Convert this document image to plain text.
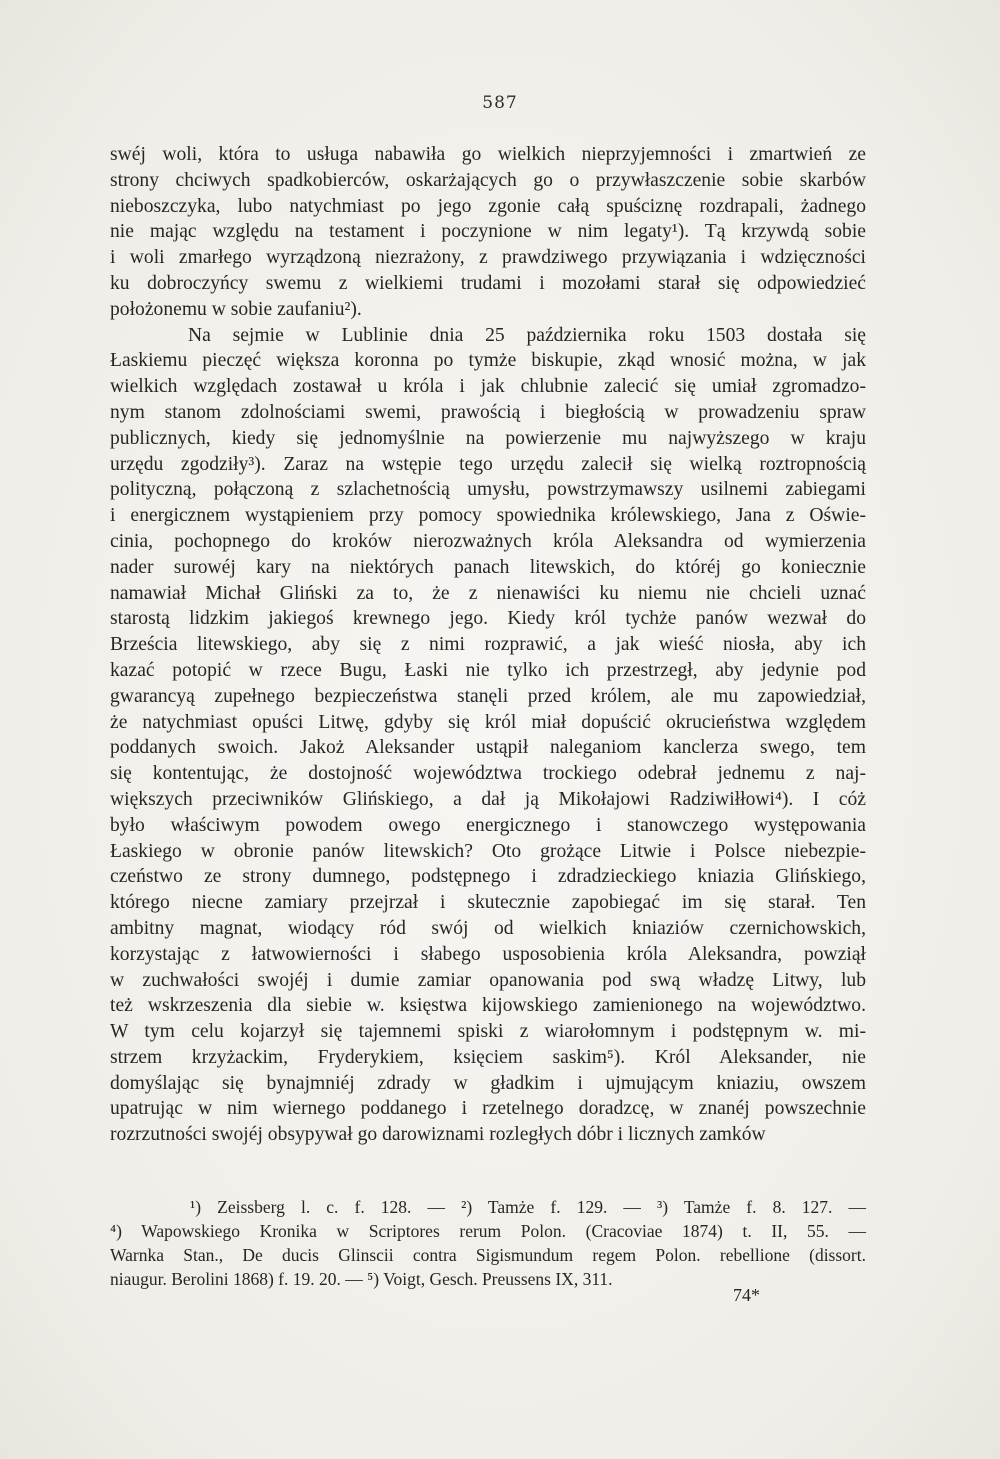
587
swéj woli, która to usługa nabawiła go wielkich nieprzyjemności i zmartwień ze
strony chciwych spadkobierców, oskarżających go o przywłaszczenie sobie skarbów
nieboszczyka, lubo natychmiast po jego zgonie całą spuściznę rozdrapali, żadnego
nie mając względu na testament i poczynione w nim legaty¹). Tą krzywdą sobie
i woli zmarłego wyrządzoną niezrażony, z prawdziwego przywiązania i wdzięczności
ku dobroczyńcy swemu z wielkiemi trudami i mozołami starał się odpowiedzieć
położonemu w sobie zaufaniu²).
Na sejmie w Lublinie dnia 25 października roku 1503 dostała się
Łaskiemu pieczęć większa koronna po tymże biskupie, zkąd wnosić można, w jak
wielkich względach zostawał u króla i jak chlubnie zalecić się umiał zgromadzo-
nym stanom zdolnościami swemi, prawością i biegłością w prowadzeniu spraw
publicznych, kiedy się jednomyślnie na powierzenie mu najwyższego w kraju
urzędu zgodziły³). Zaraz na wstępie tego urzędu zalecił się wielką roztropnością
polityczną, połączoną z szlachetnością umysłu, powstrzymawszy usilnemi zabiegami
i energicznem wystąpieniem przy pomocy spowiednika królewskiego, Jana z Oświe-
cinia, pochopnego do kroków nierozważnych króla Aleksandra od wymierzenia
nader surowéj kary na niektórych panach litewskich, do któréj go koniecznie
namawiał Michał Gliński za to, że z nienawiści ku niemu nie chcieli uznać
starostą lidzkim jakiegoś krewnego jego. Kiedy król tychże panów wezwał do
Brześcia litewskiego, aby się z nimi rozprawić, a jak wieść niosła, aby ich
kazać potopić w rzece Bugu, Łaski nie tylko ich przestrzegł, aby jedynie pod
gwarancyą zupełnego bezpieczeństwa stanęli przed królem, ale mu zapowiedział,
że natychmiast opuści Litwę, gdyby się król miał dopuścić okrucieństwa względem
poddanych swoich. Jakoż Aleksander ustąpił naleganiom kanclerza swego, tem
się kontentując, że dostojność województwa trockiego odebrał jednemu z naj-
większych przeciwników Glińskiego, a dał ją Mikołajowi Radziwiłłowi⁴). I cóż
było właściwym powodem owego energicznego i stanowczego występowania
Łaskiego w obronie panów litewskich? Oto grożące Litwie i Polsce niebezpie-
czeństwo ze strony dumnego, podstępnego i zdradzieckiego kniazia Glińskiego,
którego niecne zamiary przejrzał i skutecznie zapobiegać im się starał. Ten
ambitny magnat, wiodący ród swój od wielkich kniaziów czernichowskich,
korzystając z łatwowierności i słabego usposobienia króla Aleksandra, powziął
w zuchwałości swojéj i dumie zamiar opanowania pod swą władzę Litwy, lub
też wskrzeszenia dla siebie w. księstwa kijowskiego zamienionego na województwo.
W tym celu kojarzył się tajemnemi spiski z wiarołomnym i podstępnym w. mi-
strzem krzyżackim, Fryderykiem, księciem saskim⁵). Król Aleksander, nie
domyślając się bynajmniéj zdrady w gładkim i ujmującym kniaziu, owszem
upatrując w nim wiernego poddanego i rzetelnego doradzcę, w znanéj powszechnie
rozrzutności swojéj obsypywał go darowiznami rozległych dóbr i licznych zamków
¹) Zeissberg l. c. f. 128. — ²) Tamże f. 129. — ³) Tamże f. 8. 127. —
⁴) Wapowskiego Kronika w Scriptores rerum Polon. (Cracoviae 1874) t. II, 55. —
Warnka Stan., De ducis Glinscii contra Sigismundum regem Polon. rebellione (dissort.
niaugur. Berolini 1868) f. 19. 20. — ⁵) Voigt, Gesch. Preussens IX, 311.
74*
